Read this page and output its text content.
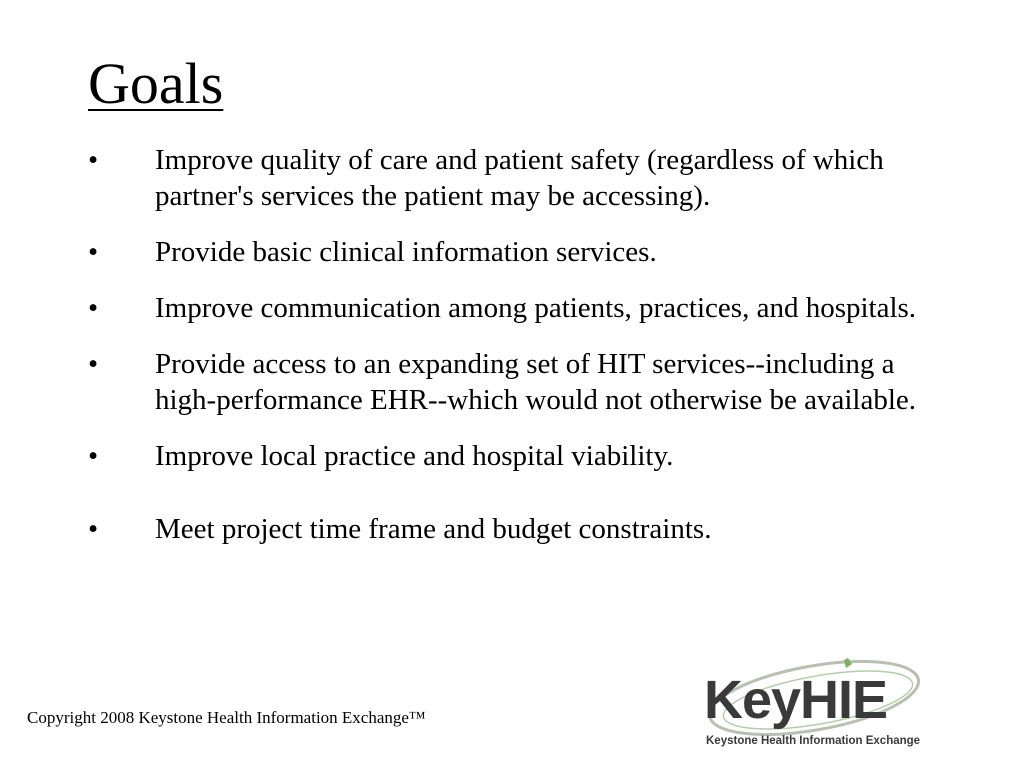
Goals
• Improve quality of care and patient safety (regardless of which partner's services the patient may be accessing).
• Provide basic clinical information services.
• Improve communication among patients, practices, and hospitals.
• Provide access to an expanding set of HIT services--including a high-performance EHR--which would not otherwise be available.
• Improve local practice and hospital viability.
• Meet project time frame and budget constraints.
Copyright 2008 Keystone Health Information Exchange™	KeyHIE
Keystone Health Information Exchange
